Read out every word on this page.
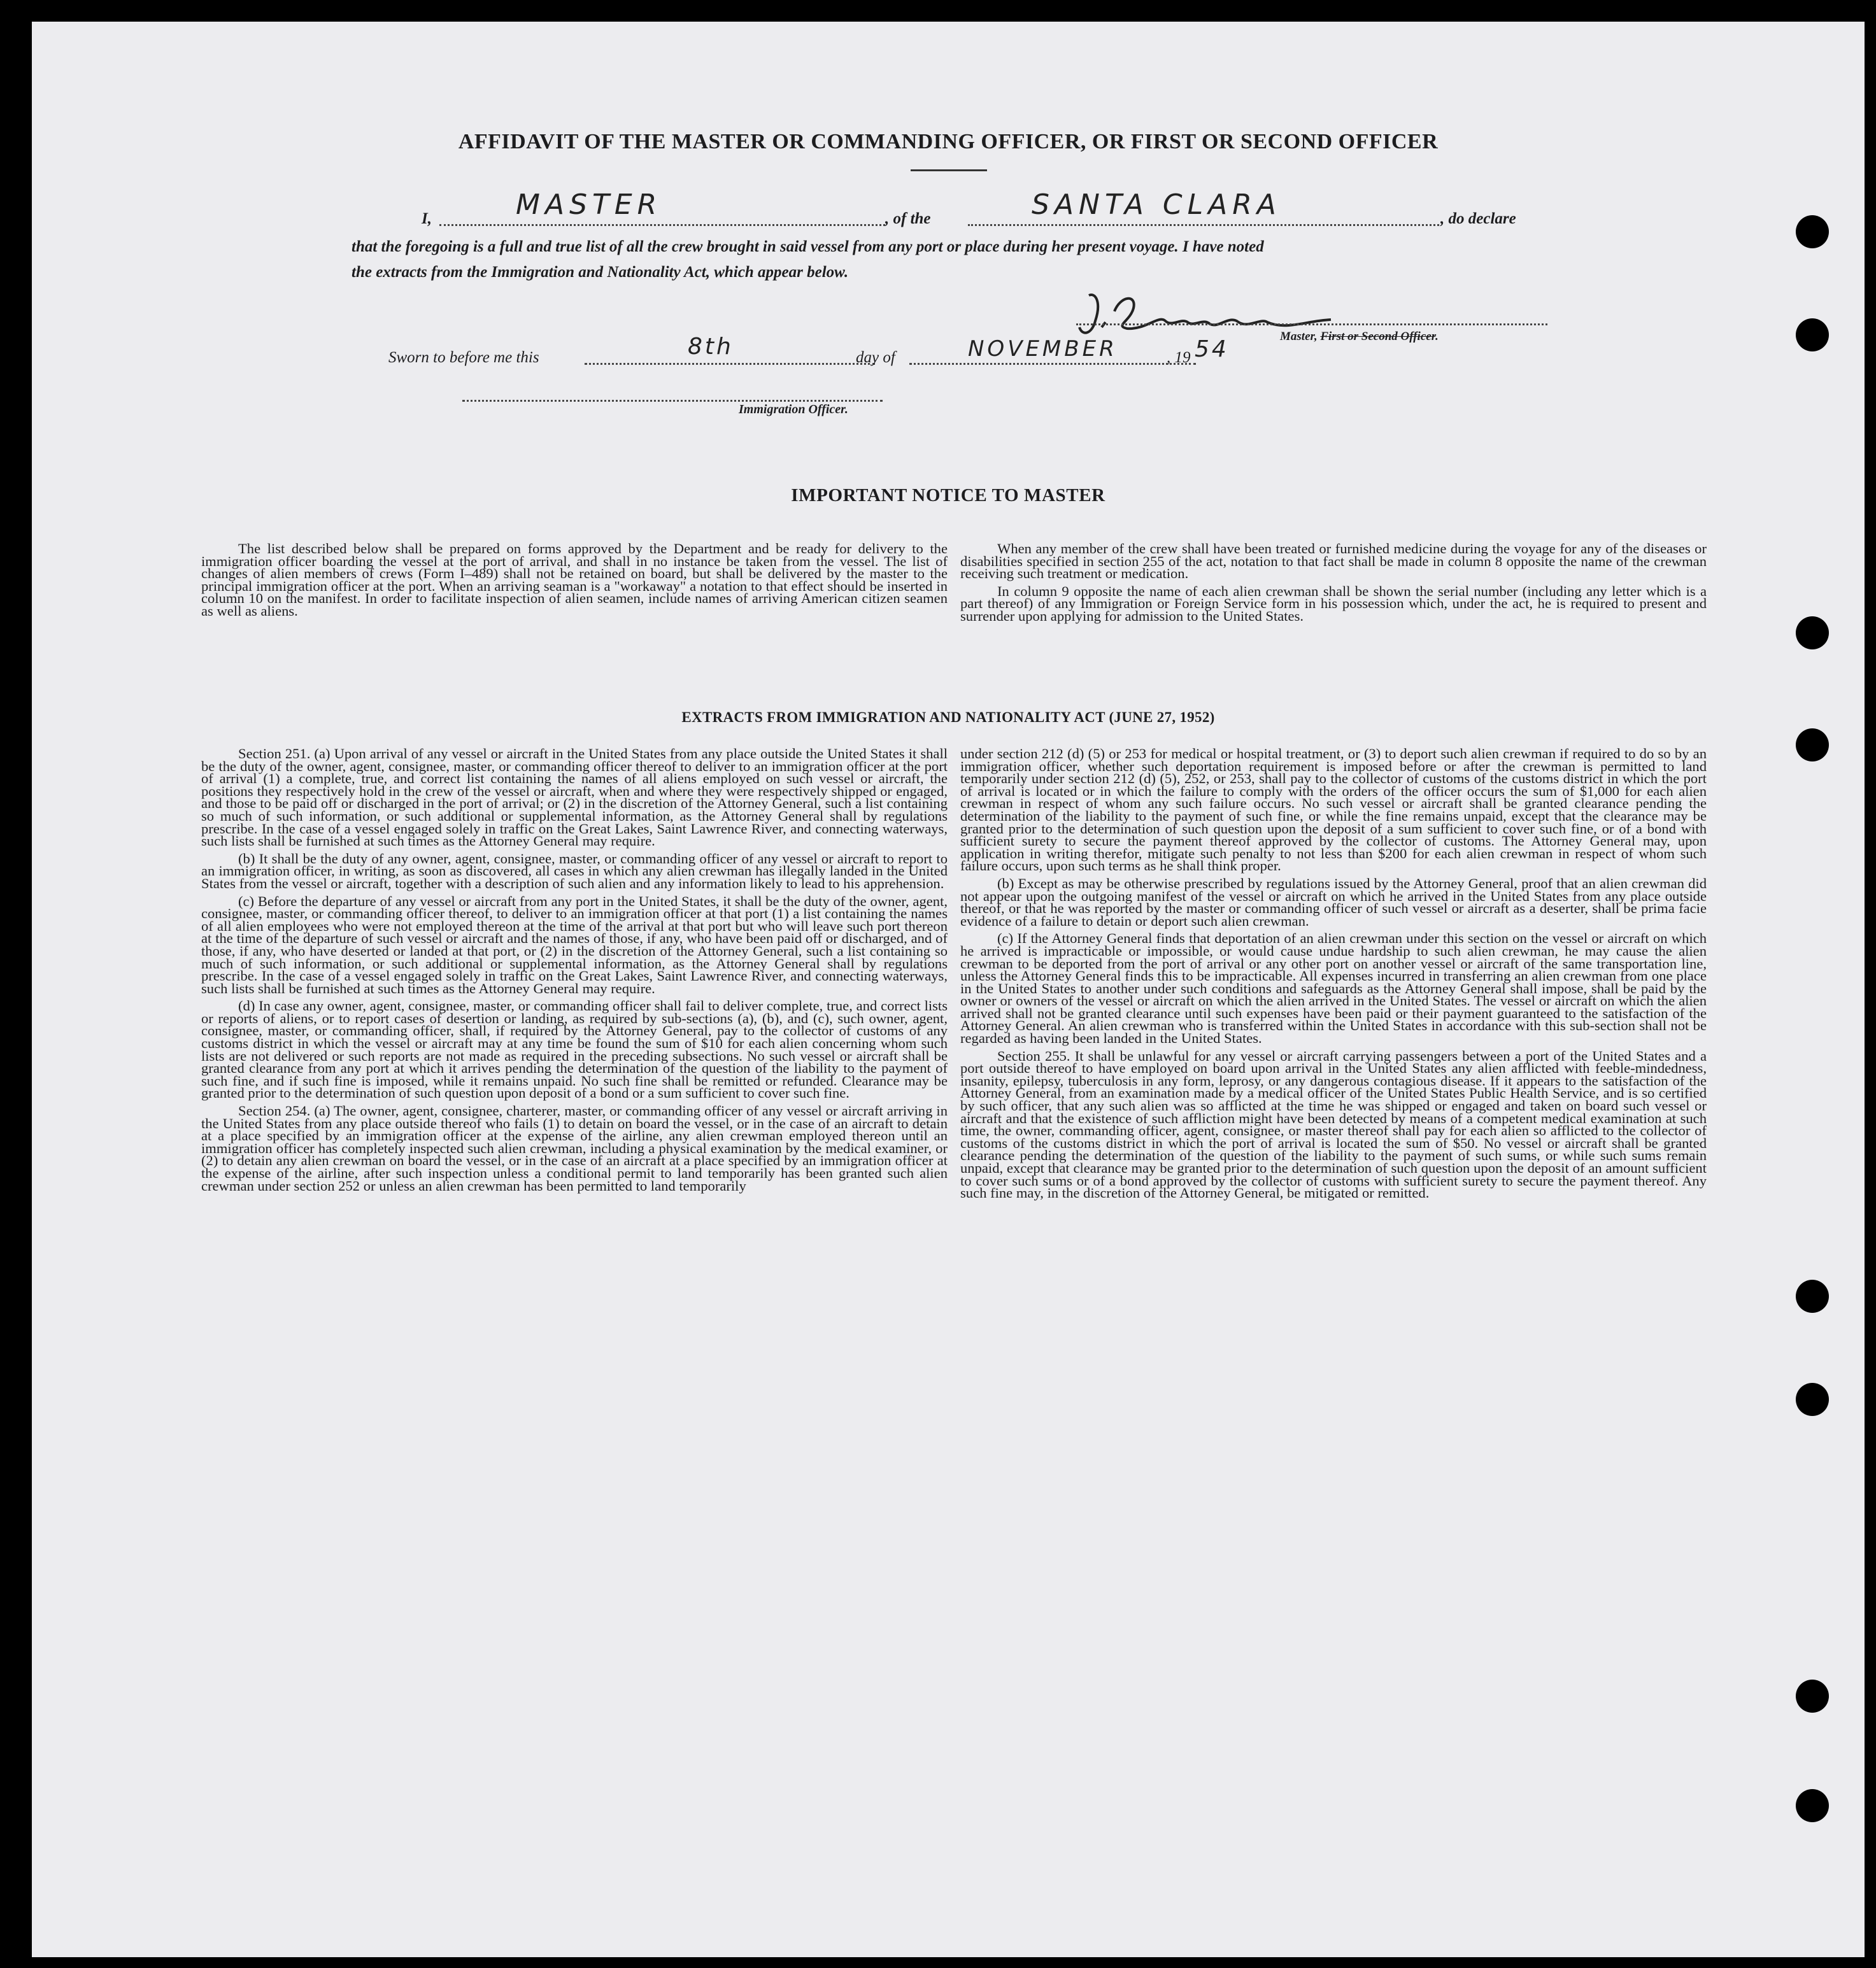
AFFIDAVIT OF THE MASTER OR COMMANDING OFFICER, OR FIRST OR SECOND OFFICER
I,	MASTER	, of the	SANTA CLARA	, do declare
that the foregoing is a full and true list of all the crew brought in said vessel from any port or place during her present voyage. I have noted
the extracts from the Immigration and Nationality Act, which appear below.
Master, First or Second Officer.
Sworn to before me this	8th	day of	NOVEMBER	, 19 54
Immigration Officer.
IMPORTANT NOTICE TO MASTER

The list described below shall be prepared on forms approved by the Department and be ready for delivery to the immigration officer boarding the vessel at the port of arrival, and shall in no instance be taken from the vessel. The list of changes of alien members of crews (Form I–489) shall not be retained on board, but shall be delivered by the master to the principal immigration officer at the port. When an arriving seaman is a "workaway" a notation to that effect should be inserted in column 10 on the manifest. In order to facilitate inspection of alien seamen, include names of arriving American citizen seamen as well as aliens.

When any member of the crew shall have been treated or furnished medicine during the voyage for any of the diseases or disabilities specified in section 255 of the act, notation to that fact shall be made in column 8 opposite the name of the crewman receiving such treatment or medication.

In column 9 opposite the name of each alien crewman shall be shown the serial number (including any letter which is a part thereof) of any Immigration or Foreign Service form in his possession which, under the act, he is required to present and surrender upon applying for admission to the United States.

EXTRACTS FROM IMMIGRATION AND NATIONALITY ACT (JUNE 27, 1952)

Section 251. (a) Upon arrival of any vessel or aircraft in the United States from any place outside the United States it shall be the duty of the owner, agent, consignee, master, or commanding officer thereof to deliver to an immigration officer at the port of arrival (1) a complete, true, and correct list containing the names of all aliens employed on such vessel or aircraft, the positions they respectively hold in the crew of the vessel or aircraft, when and where they were respectively shipped or engaged, and those to be paid off or discharged in the port of arrival; or (2) in the discretion of the Attorney General, such a list containing so much of such information, or such additional or supplemental information, as the Attorney General shall by regulations prescribe. In the case of a vessel engaged solely in traffic on the Great Lakes, Saint Lawrence River, and connecting waterways, such lists shall be furnished at such times as the Attorney General may require.

(b) It shall be the duty of any owner, agent, consignee, master, or commanding officer of any vessel or aircraft to report to an immigration officer, in writing, as soon as discovered, all cases in which any alien crewman has illegally landed in the United States from the vessel or aircraft, together with a description of such alien and any information likely to lead to his apprehension.

(c) Before the departure of any vessel or aircraft from any port in the United States, it shall be the duty of the owner, agent, consignee, master, or commanding officer thereof, to deliver to an immigration officer at that port (1) a list containing the names of all alien employees who were not employed thereon at the time of the arrival at that port but who will leave such port thereon at the time of the departure of such vessel or aircraft and the names of those, if any, who have been paid off or discharged, and of those, if any, who have deserted or landed at that port, or (2) in the discretion of the Attorney General, such a list containing so much of such information, or such additional or supplemental information, as the Attorney General shall by regulations prescribe. In the case of a vessel engaged solely in traffic on the Great Lakes, Saint Lawrence River, and connecting waterways, such lists shall be furnished at such times as the Attorney General may require.

(d) In case any owner, agent, consignee, master, or commanding officer shall fail to deliver complete, true, and correct lists or reports of aliens, or to report cases of desertion or landing, as required by sub-sections (a), (b), and (c), such owner, agent, consignee, master, or commanding officer, shall, if required by the Attorney General, pay to the collector of customs of any customs district in which the vessel or aircraft may at any time be found the sum of $10 for each alien concerning whom such lists are not delivered or such reports are not made as required in the preceding subsections. No such vessel or aircraft shall be granted clearance from any port at which it arrives pending the determination of the question of the liability to the payment of such fine, and if such fine is imposed, while it remains unpaid. No such fine shall be remitted or refunded. Clearance may be granted prior to the determination of such question upon deposit of a bond or a sum sufficient to cover such fine.

Section 254. (a) The owner, agent, consignee, charterer, master, or commanding officer of any vessel or aircraft arriving in the United States from any place outside thereof who fails (1) to detain on board the vessel, or in the case of an aircraft to detain at a place specified by an immigration officer at the expense of the airline, any alien crewman employed thereon until an immigration officer has completely inspected such alien crewman, including a physical examination by the medical examiner, or (2) to detain any alien crewman on board the vessel, or in the case of an aircraft at a place specified by an immigration officer at the expense of the airline, after such inspection unless a conditional permit to land temporarily has been granted such alien crewman under section 252 or unless an alien crewman has been permitted to land temporarily

under section 212 (d) (5) or 253 for medical or hospital treatment, or (3) to deport such alien crewman if required to do so by an immigration officer, whether such deportation requirement is imposed before or after the crewman is permitted to land temporarily under section 212 (d) (5), 252, or 253, shall pay to the collector of customs of the customs district in which the port of arrival is located or in which the failure to comply with the orders of the officer occurs the sum of $1,000 for each alien crewman in respect of whom any such failure occurs. No such vessel or aircraft shall be granted clearance pending the determination of the liability to the payment of such fine, or while the fine remains unpaid, except that the clearance may be granted prior to the determination of such question upon the deposit of a sum sufficient to cover such fine, or of a bond with sufficient surety to secure the payment thereof approved by the collector of customs. The Attorney General may, upon application in writing therefor, mitigate such penalty to not less than $200 for each alien crewman in respect of whom such failure occurs, upon such terms as he shall think proper.

(b) Except as may be otherwise prescribed by regulations issued by the Attorney General, proof that an alien crewman did not appear upon the outgoing manifest of the vessel or aircraft on which he arrived in the United States from any place outside thereof, or that he was reported by the master or commanding officer of such vessel or aircraft as a deserter, shall be prima facie evidence of a failure to detain or deport such alien crewman.

(c) If the Attorney General finds that deportation of an alien crewman under this section on the vessel or aircraft on which he arrived is impracticable or impossible, or would cause undue hardship to such alien crewman, he may cause the alien crewman to be deported from the port of arrival or any other port on another vessel or aircraft of the same transportation line, unless the Attorney General finds this to be impracticable. All expenses incurred in transferring an alien crewman from one place in the United States to another under such conditions and safeguards as the Attorney General shall impose, shall be paid by the owner or owners of the vessel or aircraft on which the alien arrived in the United States. The vessel or aircraft on which the alien arrived shall not be granted clearance until such expenses have been paid or their payment guaranteed to the satisfaction of the Attorney General. An alien crewman who is transferred within the United States in accordance with this sub-section shall not be regarded as having been landed in the United States.

Section 255. It shall be unlawful for any vessel or aircraft carrying passengers between a port of the United States and a port outside thereof to have employed on board upon arrival in the United States any alien afflicted with feeble-mindedness, insanity, epilepsy, tuberculosis in any form, leprosy, or any dangerous contagious disease. If it appears to the satisfaction of the Attorney General, from an examination made by a medical officer of the United States Public Health Service, and is so certified by such officer, that any such alien was so afflicted at the time he was shipped or engaged and taken on board such vessel or aircraft and that the existence of such affliction might have been detected by means of a competent medical examination at such time, the owner, commanding officer, agent, consignee, or master thereof shall pay for each alien so afflicted to the collector of customs of the customs district in which the port of arrival is located the sum of $50. No vessel or aircraft shall be granted clearance pending the determination of the question of the liability to the payment of such sums, or while such sums remain unpaid, except that clearance may be granted prior to the determination of such question upon the deposit of an amount sufficient to cover such sums or of a bond approved by the collector of customs with sufficient surety to secure the payment thereof. Any such fine may, in the discretion of the Attorney General, be mitigated or remitted.
